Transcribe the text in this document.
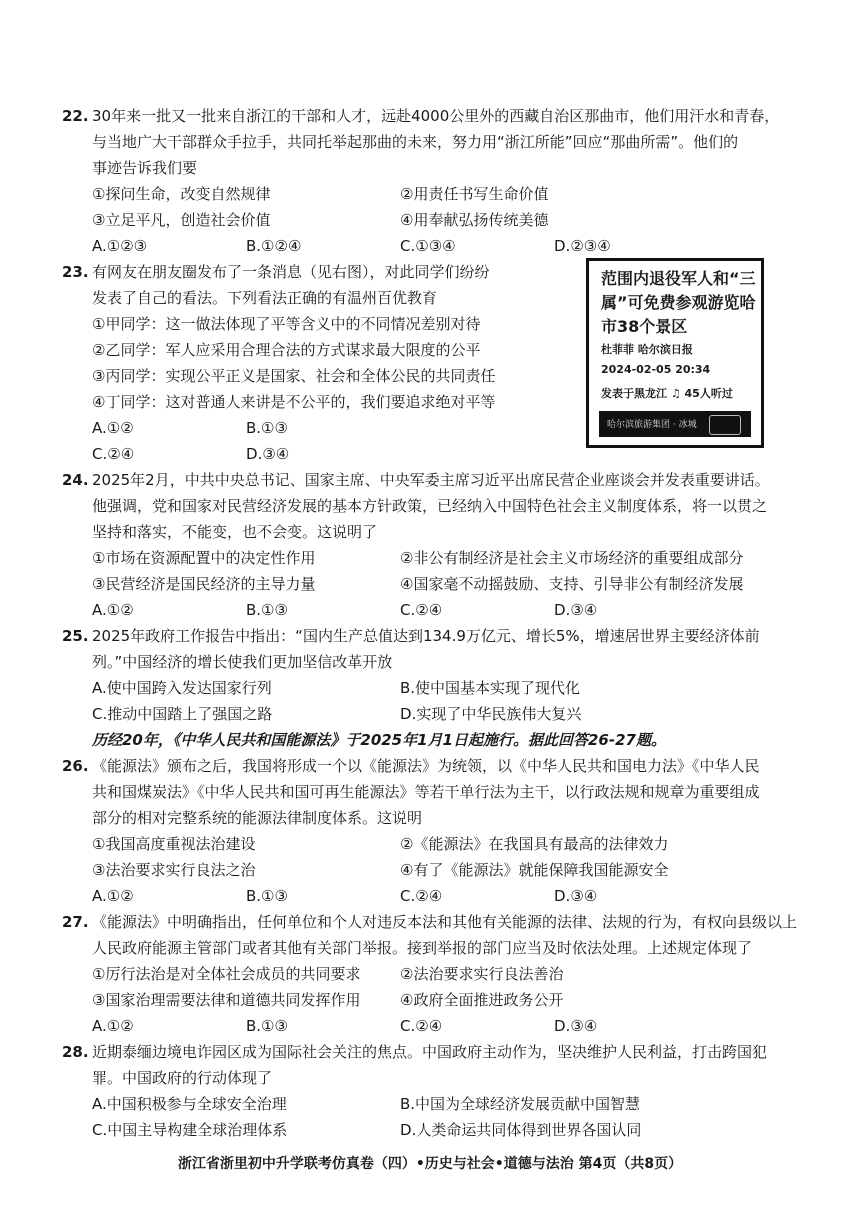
22. 30年来一批又一批来自浙江的干部和人才，远赴4000公里外的西藏自治区那曲市，他们用汗水和青春，
与当地广大干部群众手拉手，共同托举起那曲的未来，努力用“浙江所能”回应“那曲所需”。他们的
事迹告诉我们要
①探问生命，改变自然规律	②用责任书写生命价值
③立足平凡，创造社会价值	④用奉献弘扬传统美德
A.①②③	B.①②④	C.①③④	D.②③④
23. 有网友在朋友圈发布了一条消息（见右图），对此同学们纷纷
发表了自己的看法。下列看法正确的有温州百优教育
①甲同学：这一做法体现了平等含义中的不同情况差别对待
②乙同学：军人应采用合理合法的方式谋求最大限度的公平
③丙同学：实现公平正义是国家、社会和全体公民的共同责任
④丁同学：这对普通人来讲是不公平的，我们要追求绝对平等
A.①②	B.①③
C.②④	D.③④
范围内退役军人和“三属”可免费参观游览哈市38个景区
杜菲菲 哈尔滨日报
2024-02-05 20:34
发表于黑龙江 ♫ 45人听过
哈尔滨旅游集团 · 冰城
24. 2025年2月，中共中央总书记、国家主席、中央军委主席习近平出席民营企业座谈会并发表重要讲话。
他强调，党和国家对民营经济发展的基本方针政策，已经纳入中国特色社会主义制度体系，将一以贯之
坚持和落实，不能变，也不会变。这说明了
①市场在资源配置中的决定性作用	②非公有制经济是社会主义市场经济的重要组成部分
③民营经济是国民经济的主导力量	④国家毫不动摇鼓励、支持、引导非公有制经济发展
A.①②	B.①③	C.②④	D.③④
25. 2025年政府工作报告中指出：“国内生产总值达到134.9万亿元、增长5%，增速居世界主要经济体前
列。”中国经济的增长使我们更加坚信改革开放
A.使中国跨入发达国家行列	B.使中国基本实现了现代化
C.推动中国踏上了强国之路	D.实现了中华民族伟大复兴
历经20年，《中华人民共和国能源法》于2025年1月1日起施行。据此回答26-27题。
26. 《能源法》颁布之后，我国将形成一个以《能源法》为统领，以《中华人民共和国电力法》《中华人民
共和国煤炭法》《中华人民共和国可再生能源法》等若干单行法为主干，以行政法规和规章为重要组成
部分的相对完整系统的能源法律制度体系。这说明
①我国高度重视法治建设	②《能源法》在我国具有最高的法律效力
③法治要求实行良法之治	④有了《能源法》就能保障我国能源安全
A.①②	B.①③	C.②④	D.③④
27. 《能源法》中明确指出，任何单位和个人对违反本法和其他有关能源的法律、法规的行为，有权向县级以上
人民政府能源主管部门或者其他有关部门举报。接到举报的部门应当及时依法处理。上述规定体现了
①厉行法治是对全体社会成员的共同要求	②法治要求实行良法善治
③国家治理需要法律和道德共同发挥作用	④政府全面推进政务公开
A.①②	B.①③	C.②④	D.③④
28. 近期泰缅边境电诈园区成为国际社会关注的焦点。中国政府主动作为，坚决维护人民利益，打击跨国犯
罪。中国政府的行动体现了
A.中国积极参与全球安全治理	B.中国为全球经济发展贡献中国智慧
C.中国主导构建全球治理体系	D.人类命运共同体得到世界各国认同
浙江省浙里初中升学联考仿真卷（四）•历史与社会•道德与法治 第4页（共8页）
